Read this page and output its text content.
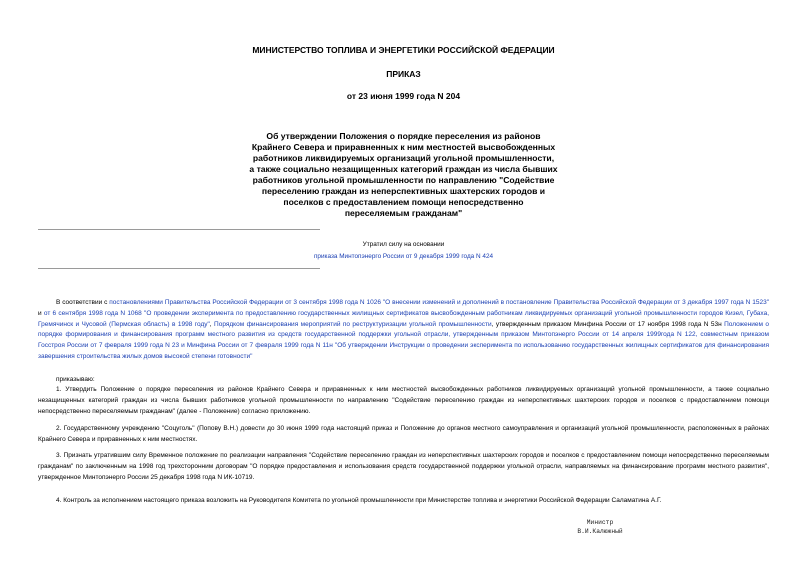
МИНИСТЕРСТВО ТОПЛИВА И ЭНЕРГЕТИКИ РОССИЙСКОЙ ФЕДЕРАЦИИ
ПРИКАЗ
от 23 июня 1999 года N 204
Об утверждении Положения о порядке переселения из районов
Крайнего Севера и приравненных к ним местностей высвобожденных
работников ликвидируемых организаций угольной промышленности,
а также социально незащищенных категорий граждан из числа бывших
работников угольной промышленности по направлению "Содействие
переселению граждан из неперспективных шахтерских городов и
поселков с предоставлением помощи непосредственно
переселяемым гражданам"
Утратил силу на основании
приказа Минтопэнерго России от 9 декабря 1999 года N 424
В соответствии с постановлениями Правительства Российской Федерации от 3 сентября 1998 года N 1026 "О внесении изменений и дополнений в постановление Правительства Российской Федерации от 3 декабря 1997 года N 1523" и от 6 сентября 1998 года N 1068 "О проведении эксперимента по предоставлению государственных жилищных сертификатов высвобожденным работникам ликвидируемых организаций угольной промышленности городов Кизел, Губаха, Гремячинск и Чусовой (Пермская область) в 1998 году", Порядком финансирования мероприятий по реструктуризации угольной промышленности, утвержденным приказом Минфина России от 17 ноября 1998 года N 53н Положением о порядке формирования и финансирования программ местного развития из средств государственной поддержки угольной отрасли, утвержденным приказом Минтопэнерго России от 14 апреля 1999года N 122, совместным приказом Госстроя России от 7 февраля 1999 года N 23 и Минфина России от 7 февраля 1999 года N 11н "Об утверждении Инструкции о проведении эксперимента по использованию государственных жилищных сертификатов для финансирования завершения строительства жилых домов высокой степени готовности"
приказываю:
1. Утвердить Положение о порядке переселения из районов Крайнего Севера и приравненных к ним местностей высвобожденных работников ликвидируемых организаций угольной промышленности, а также социально незащищенных категорий граждан из числа бывших работников угольной промышленности по направлению "Содействие переселению граждан из неперспективных шахтерских городов и поселков с предоставлением помощи непосредственно переселяемым гражданам" (далее - Положение) согласно приложению.
2. Государственному учреждению "Соцуголь" (Попову В.Н.) довести до 30 июня 1999 года настоящий приказ и Положение до органов местного самоуправления и организаций угольной промышленности, расположенных в районах Крайнего Севера и приравненных к ним местностях.
3. Признать утратившим силу Временное положение по реализации направления "Содействие переселению граждан из неперспективных шахтерских городов и поселков с предоставлением помощи непосредственно переселяемым гражданам" по заключенным на 1998 год трехсторонним договорам "О порядке предоставления и использования средств государственной поддержки угольной отрасли, направляемых на финансирование программ местного развития", утвержденное Минтопэнерго России 25 декабря 1998 года N ИК-10719.
4. Контроль за исполнением настоящего приказа возложить на Руководителя Комитета по угольной промышленности при Министерстве топлива и энергетики Российской Федерации Саламатина А.Г.
Министр
В.И.Калюжный
